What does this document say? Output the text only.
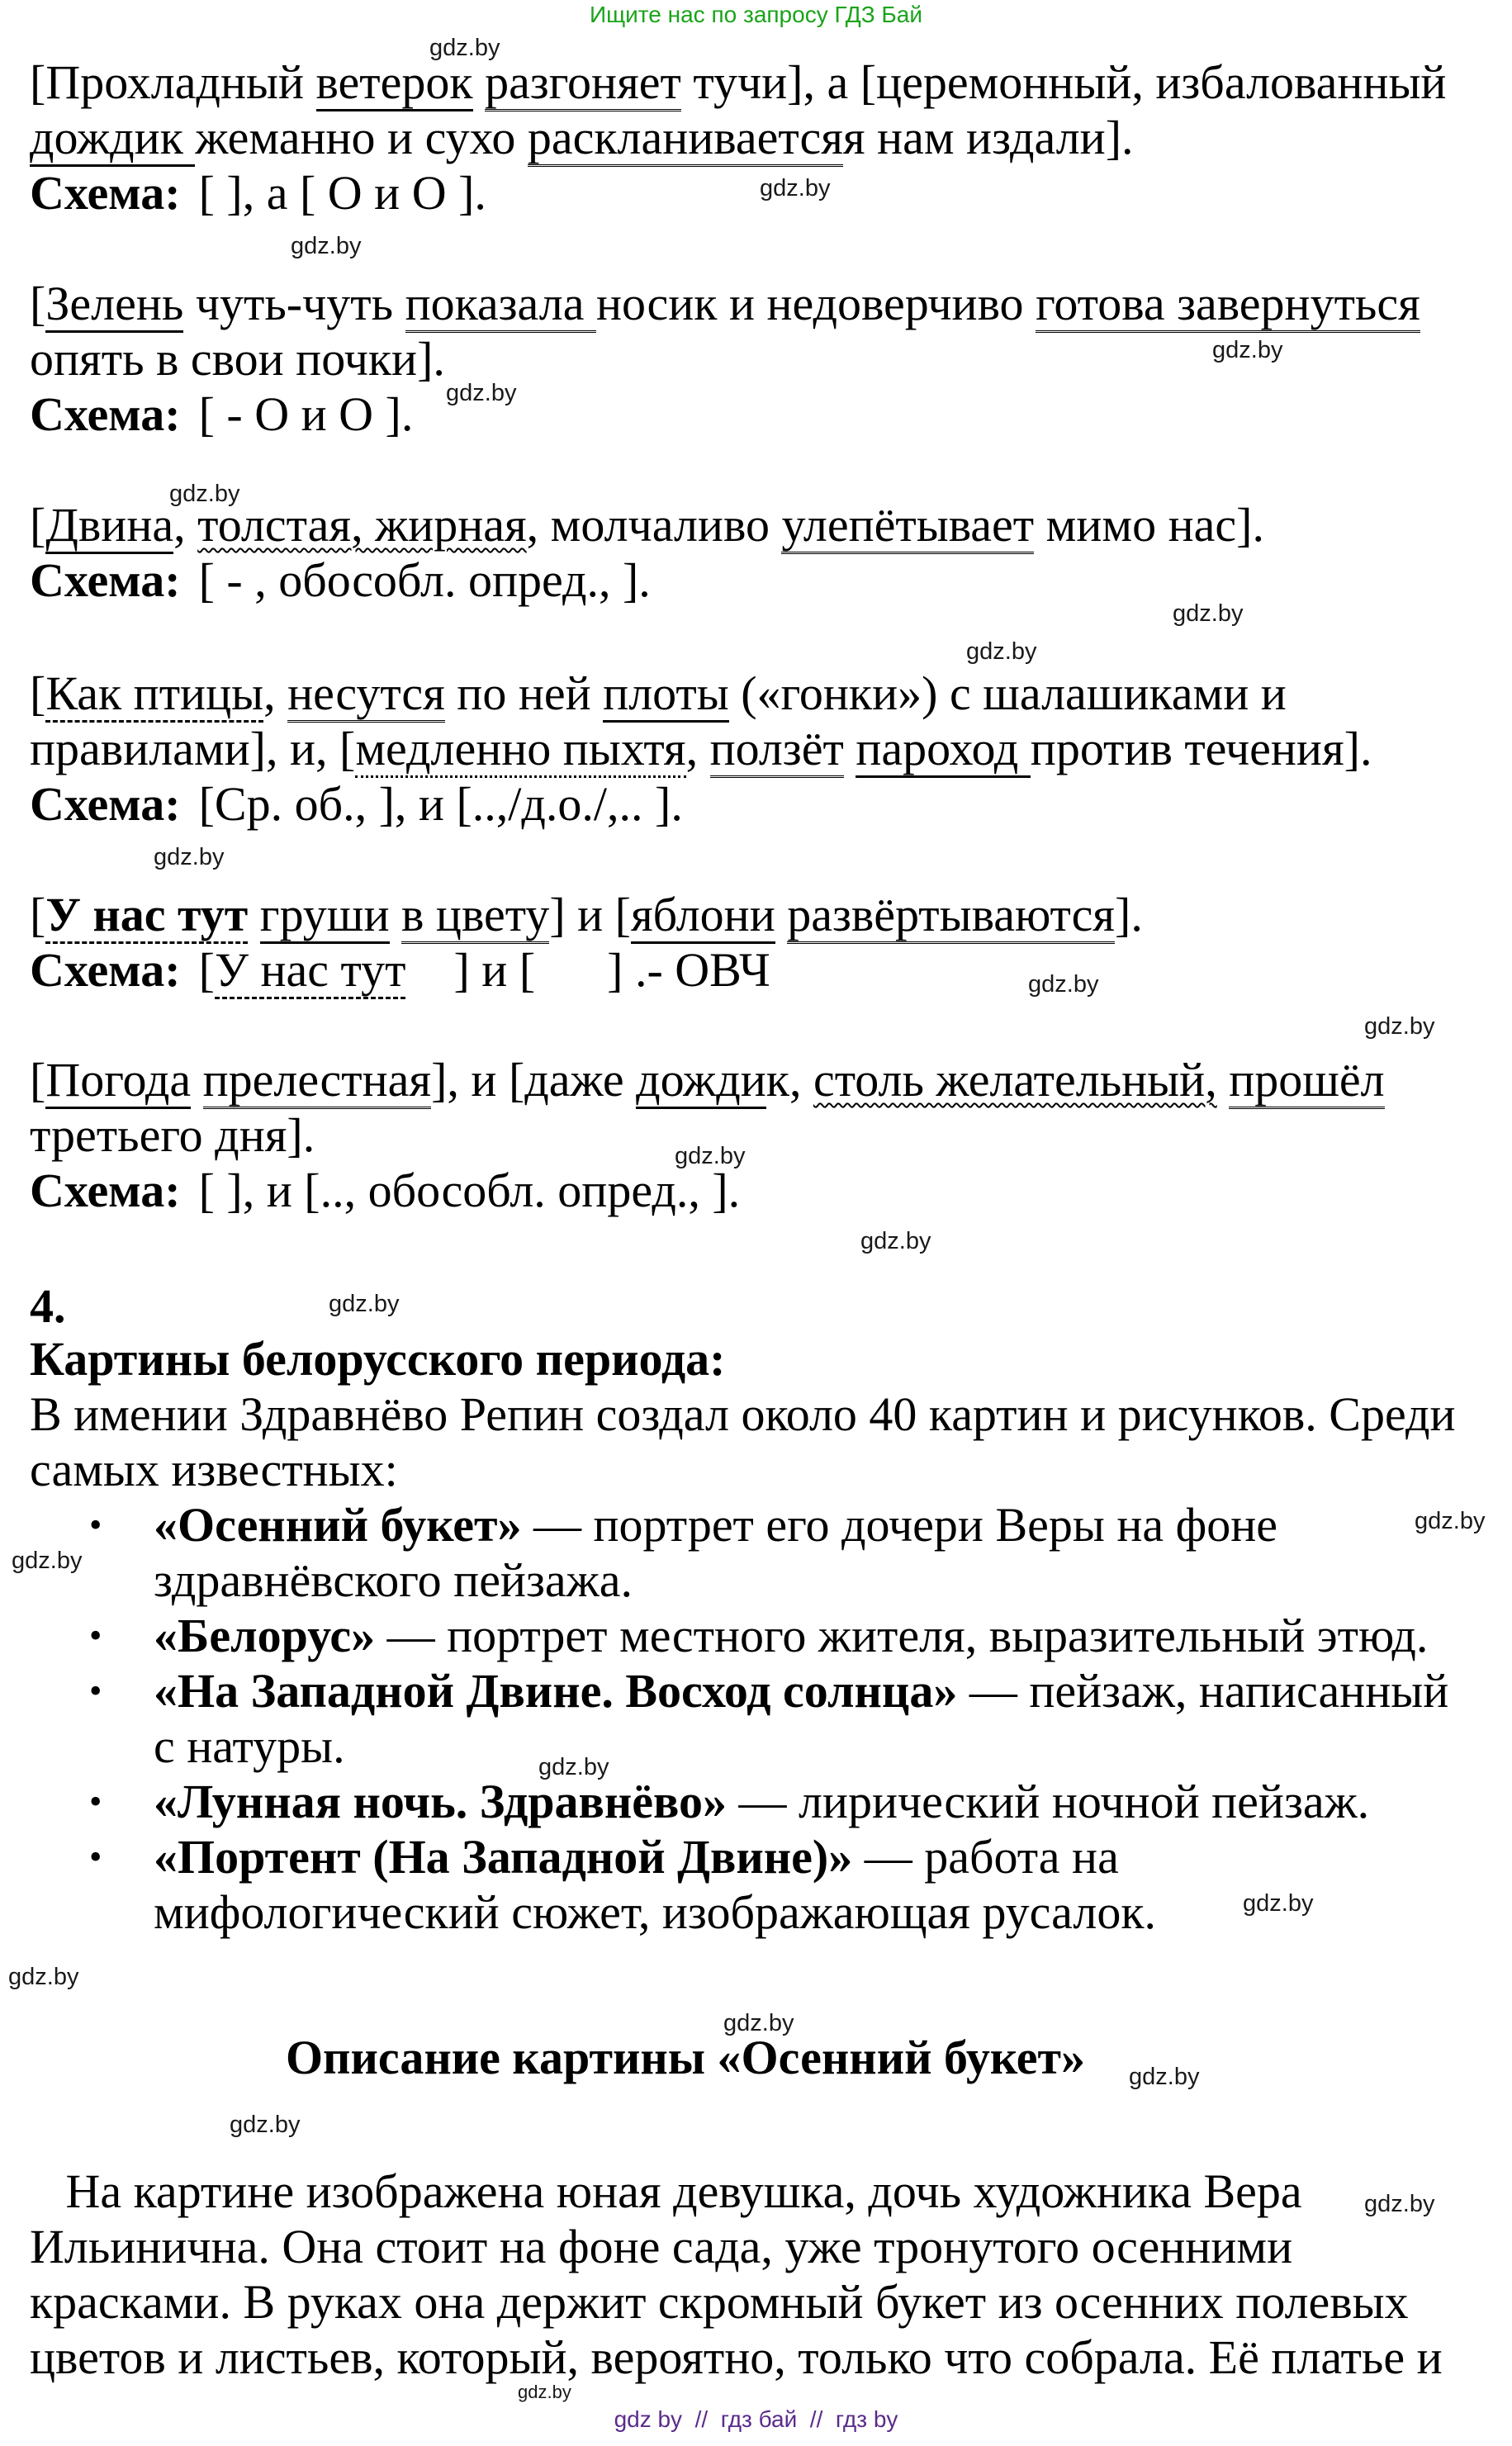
Ищите нас по запросу ГДЗ Бай
gdz.by
gdz.by
gdz.by
gdz.by
gdz.by
gdz.by
gdz.by
gdz.by
gdz.by
gdz.by
gdz.by
gdz.by
gdz.by
gdz.by
gdz.by
gdz.by
gdz.by
gdz.by
gdz.by
gdz.by
gdz.by
gdz.by
gdz.by
gdz.by
[Прохладный ветерок разгоняет тучи], а [церемонный, избалованный
дождик жеманно и сухо раскланиваетсяя нам издали].
Схема: [ ], а [ О и О ].
[Зелень чуть-чуть показала носик и недоверчиво готова завернуться
опять в свои почки].
Схема: [ - О и О ].
[Двина, толстая, жирная, молчаливо улепётывает мимо нас].
Схема: [ - , обособл. опред., ].
[Как птицы, несутся по ней плоты («гонки») с шалашиками и
правилами], и, [медленно пыхтя, ползёт пароход против течения].
Схема: [Ср. об., ], и [..,/д.о./,.. ].
[У нас тут груши в цвету] и [яблони развёртываются].
Схема: [У нас тут    ] и [      ] .- ОВЧ
[Погода прелестная], и [даже дождик, столь желательный, прошёл
третьего дня].
Схема: [ ], и [.., обособл. опред., ].
4.
Картины белорусского периода:
В имении Здравнёво Репин создал около 40 картин и рисунков. Среди
самых известных:
• «Осенний букет» — портрет его дочери Веры на фоне
здравнёвского пейзажа.
• «Белорус» — портрет местного жителя, выразительный этюд.
• «На Западной Двине. Восход солнца» — пейзаж, написанный
с натуры.
• «Лунная ночь. Здравнёво» — лирический ночной пейзаж.
• «Портент (На Западной Двине)» — работа на
мифологический сюжет, изображающая русалок.
Описание картины «Осенний букет»
На картине изображена юная девушка, дочь художника Вера
Ильинична. Она стоит на фоне сада, уже тронутого осенними
красками. В руках она держит скромный букет из осенних полевых
цветов и листьев, который, вероятно, только что собрала. Её платье и
gdz by  //  гдз бай  //  гдз by
